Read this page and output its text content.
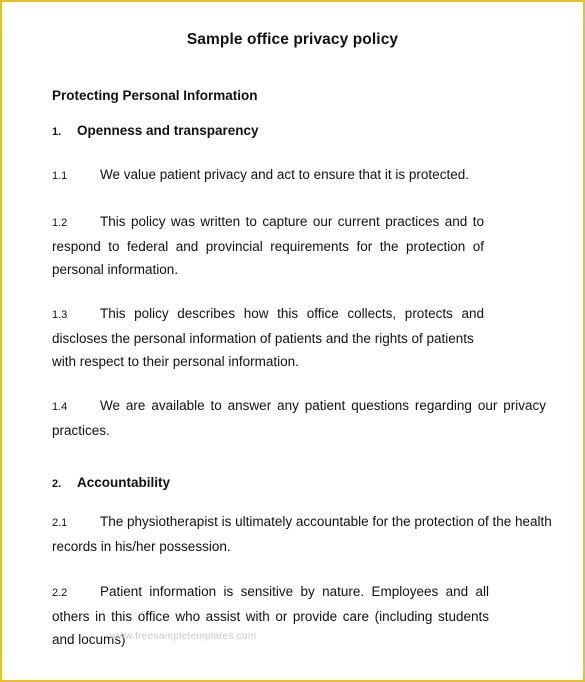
Sample office privacy policy
Protecting Personal Information
1. Openness and transparency
1.1 We value patient privacy and act to ensure that it is protected.
1.2 This policy was written to capture our current practices and to
respond to federal and provincial requirements for the protection of
personal information.
1.3 This policy describes how this office collects, protects and
discloses the personal information of patients and the rights of patients
with respect to their personal information.
1.4 We are available to answer any patient questions regarding our privacy
practices.
2. Accountability
2.1 The physiotherapist is ultimately accountable for the protection of the health
records in his/her possession.
2.2 Patient information is sensitive by nature. Employees and all
others in this office who assist with or provide care (including students
and locums)
www.freesampletemplates.com
